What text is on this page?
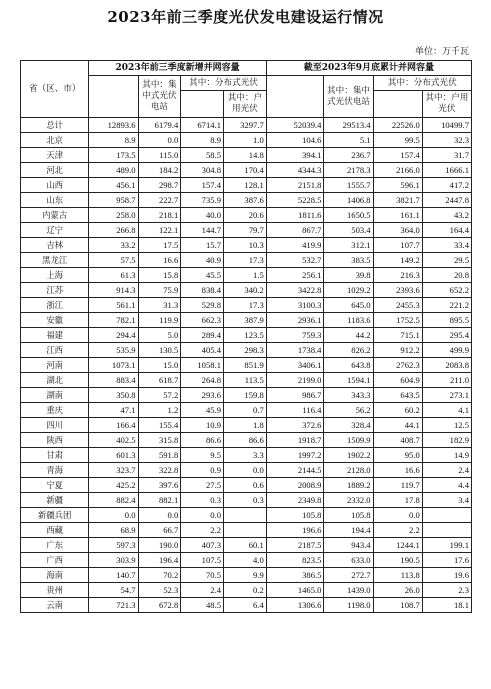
2023年前三季度光伏发电建设运行情况
单位：万千瓦
省（区、市）	2023年前三季度新增并网容量				截至2023年9月底累计并网容量			
		其中：集中式光伏电站	其中：分布式光伏			其中：集中式光伏电站	其中：分布式光伏	
				其中：户用光伏				其中：户用光伏
总计	12893.6	6179.4	6714.1	3297.7	52039.4	29513.4	22526.0	10499.7
北京	8.9	0.0	8.9	1.0	104.6	5.1	99.5	32.3
天津	173.5	115.0	58.5	14.8	394.1	236.7	157.4	31.7
河北	489.0	184.2	304.8	170.4	4344.3	2178.3	2166.0	1666.1
山西	456.1	298.7	157.4	128.1	2151.8	1555.7	596.1	417.2
山东	958.7	222.7	735.9	387.6	5228.5	1406.8	3821.7	2447.8
内蒙古	258.0	218.1	40.0	20.6	1811.6	1650.5	161.1	43.2
辽宁	266.8	122.1	144.7	79.7	867.7	503.4	364.0	164.4
吉林	33.2	17.5	15.7	10.3	419.9	312.1	107.7	33.4
黑龙江	57.5	16.6	40.9	17.3	532.7	383.5	149.2	29.5
上海	61.3	15.8	45.5	1.5	256.1	39.8	216.3	20.8
江苏	914.3	75.9	838.4	340.2	3422.8	1029.2	2393.6	652.2
浙江	561.1	31.3	529.8	17.3	3100.3	645.0	2455.3	221.2
安徽	782.1	119.9	662.3	387.9	2936.1	1183.6	1752.5	895.5
福建	294.4	5.0	289.4	123.5	759.3	44.2	715.1	295.4
江西	535.9	130.5	405.4	298.3	1738.4	826.2	912.2	499.9
河南	1073.1	15.0	1058.1	851.9	3406.1	643.8	2762.3	2083.8
湖北	883.4	618.7	264.8	113.5	2199.0	1594.1	604.9	211.0
湖南	350.8	57.2	293.6	159.8	986.7	343.3	643.5	273.1
重庆	47.1	1.2	45.9	0.7	116.4	56.2	60.2	4.1
四川	166.4	155.4	10.9	1.8	372.6	328.4	44.1	12.5
陕西	402.5	315.8	86.6	86.6	1918.7	1509.9	408.7	182.9
甘肃	601.3	591.8	9.5	3.3	1997.2	1902.2	95.0	14.9
青海	323.7	322.8	0.9	0.0	2144.5	2128.0	16.6	2.4
宁夏	425.2	397.6	27.5	0.6	2008.9	1889.2	119.7	4.4
新疆	882.4	882.1	0.3	0.3	2349.8	2332.0	17.8	3.4
新疆兵团	0.0	0.0	0.0		105.8	105.8	0.0	
西藏	68.9	66.7	2.2		196.6	194.4	2.2	
广东	597.3	190.0	407.3	60.1	2187.5	943.4	1244.1	199.1
广西	303.9	196.4	107.5	4.0	823.5	633.0	190.5	17.6
海南	140.7	70.2	70.5	9.9	386.5	272.7	113.8	19.6
贵州	54.7	52.3	2.4	0.2	1465.0	1439.0	26.0	2.3
云南	721.3	672.8	48.5	6.4	1306.6	1198.0	108.7	18.1
